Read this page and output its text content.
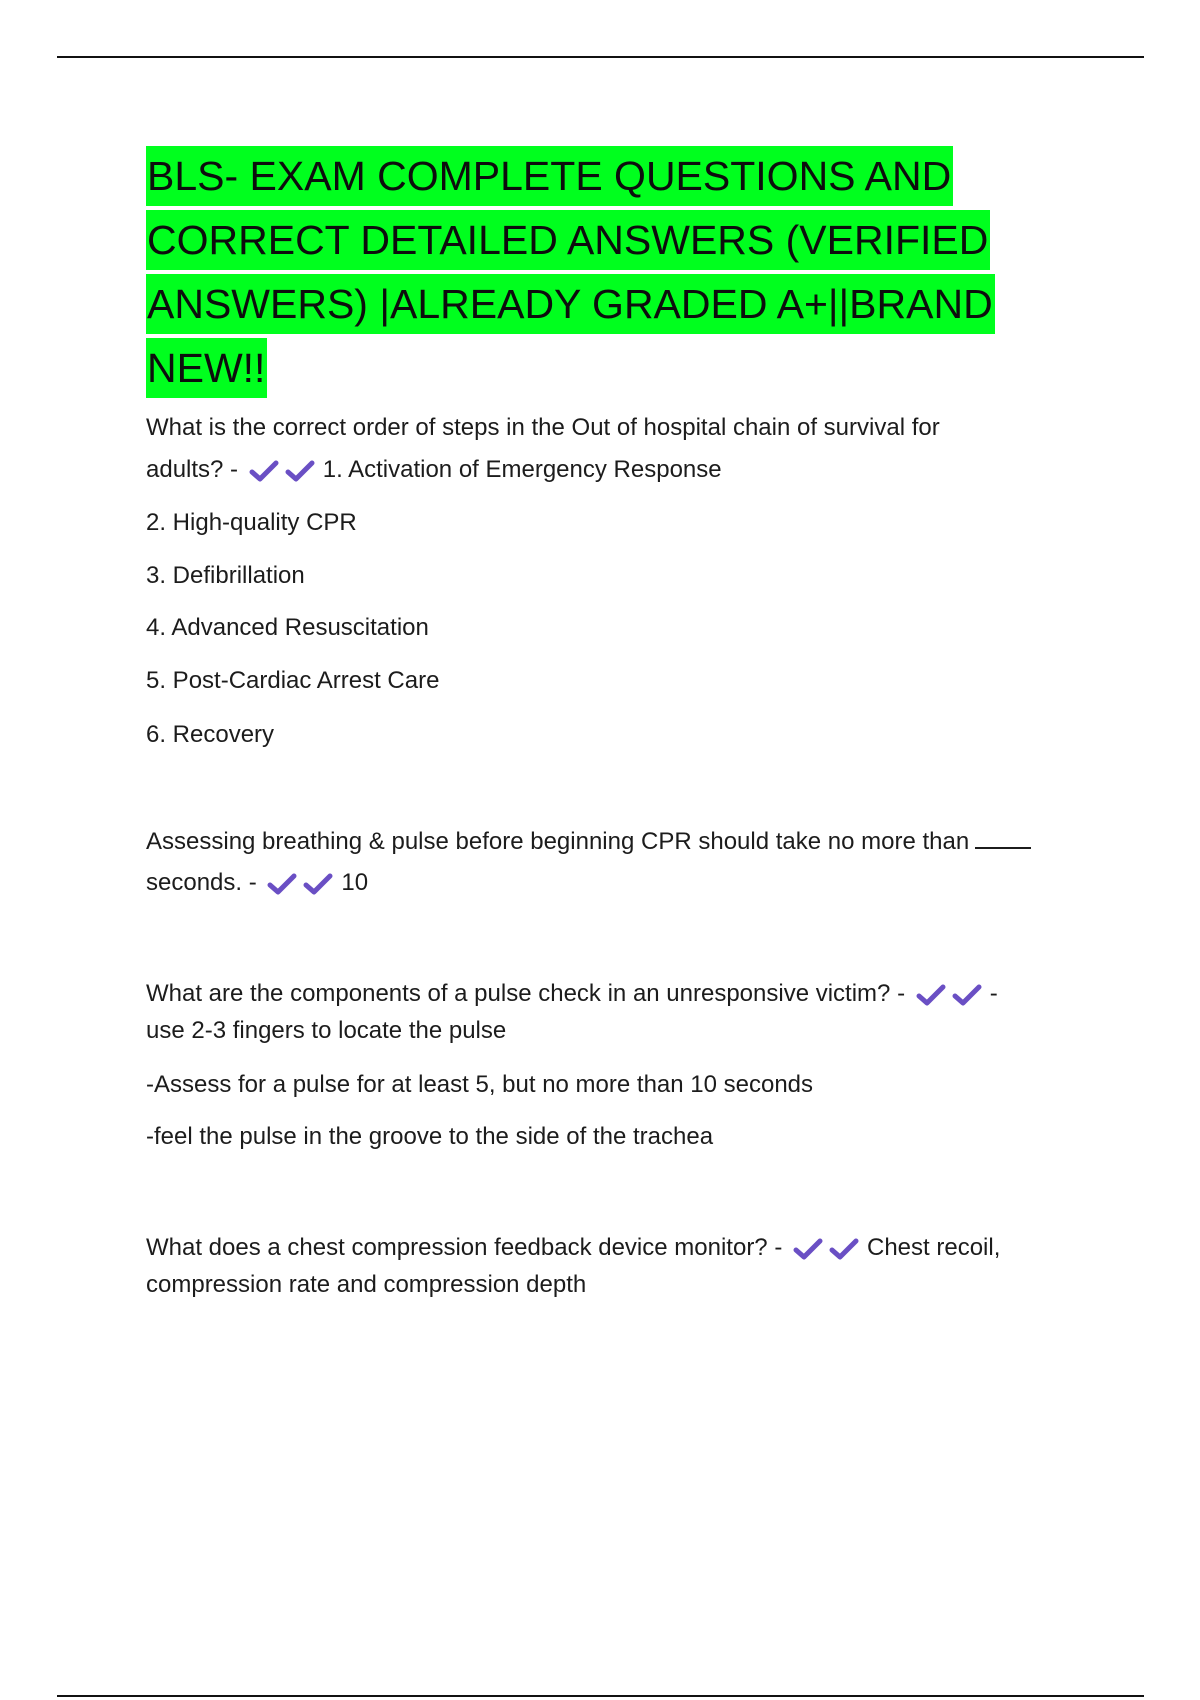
BLS- EXAM COMPLETE QUESTIONS AND
CORRECT DETAILED ANSWERS (VERIFIED
ANSWERS) |ALREADY GRADED A+||BRAND
NEW!!

What is the correct order of steps in the Out of hospital chain of survival for

adults? -	1. Activation of Emergency Response

2. High-quality CPR

3. Defibrillation

4. Advanced Resuscitation

5. Post-Cardiac Arrest Care

6. Recovery

Assessing breathing & pulse before beginning CPR should take no more than

seconds. -	10

What are the components of a pulse check in an unresponsive victim? -	-

use 2-3 fingers to locate the pulse

-Assess for a pulse for at least 5, but no more than 10 seconds

-feel the pulse in the groove to the side of the trachea

What does a chest compression feedback device monitor? -	Chest recoil,

compression rate and compression depth
